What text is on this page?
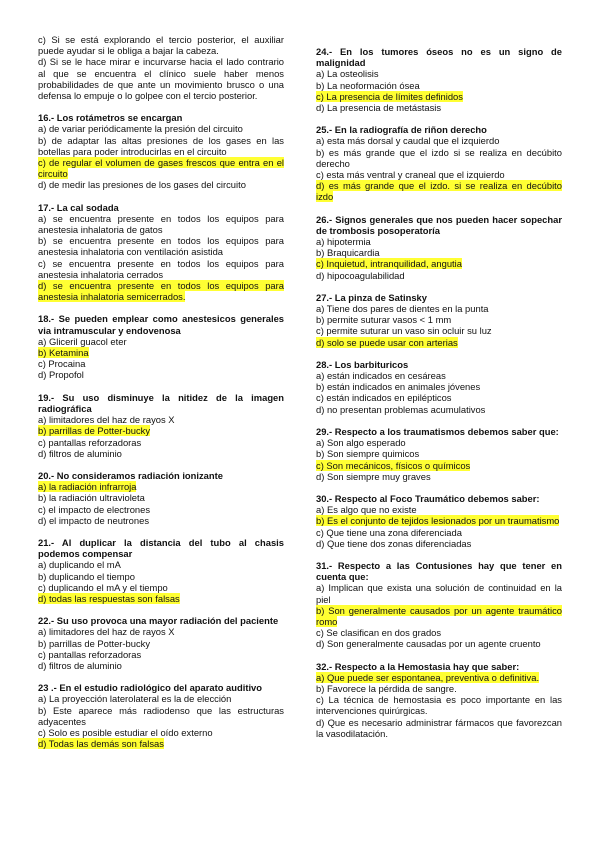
c) Si se está explorando el tercio posterior, el auxiliar puede ayudar si le obliga a bajar la cabeza.
d) Si se le hace mirar e incurvarse hacia el lado contrario al que se encuentra el clínico suele haber menos probabilidades de que ante un movimiento brusco o una defensa lo empuje o lo golpee con el tercio posterior.
16.- Los rotámetros se encargan
a) de variar periódicamente la presión del circuito
b) de adaptar las altas presiones de los gases en las botellas para poder introducirlas en el circuito
c) de regular el volumen de gases frescos que entra en el circuito
d) de medir las presiones de los gases del circuito
17.- La cal sodada
a) se encuentra presente en todos los equipos para anestesia inhalatoria de gatos
b) se encuentra presente en todos los equipos para anestesia inhalatoria con ventilación asistida
c) se encuentra presente en todos los equipos para anestesia inhalatoria cerrados
d) se encuentra presente en todos los equipos para anestesia inhalatoria semicerrados.
18.- Se pueden emplear como anestesicos generales via intramuscular y endovenosa
a) Gliceril guacol eter
b) Ketamina
c) Procaina
d) Propofol
19.- Su uso disminuye la nitidez de la imagen radiográfica
a) limitadores del haz de rayos X
b) parrillas de Potter-bucky
c) pantallas reforzadoras
d) filtros de aluminio
20.- No consideramos radiación ionizante
a) la radiación infrarroja
b) la radiación ultravioleta
c) el impacto de electrones
d) el impacto de neutrones
21.- Al duplicar la distancia del tubo al chasis podemos compensar
a) duplicando el mA
b) duplicando el tiempo
c) duplicando el mA y el tiempo
d) todas las respuestas son falsas
22.- Su uso provoca una mayor radiación del paciente
a) limitadores del haz de rayos X
b) parrillas de Potter-bucky
c) pantallas reforzadoras
d) filtros de aluminio
23 .- En el estudio radiológico del aparato auditivo
a) La proyección laterolateral es la de elección
b) Este aparece más radiodenso que las estructuras adyacentes
c) Solo es posible estudiar el oído externo
d) Todas las demás son falsas
24.- En los tumores óseos no es un signo de malignidad
a) La osteolisis
b) La neoformación ósea
c) La presencia de límites definidos
d) La presencia de metástasis
25.- En la radiografía de riñon derecho
a) esta más dorsal y caudal que el izquierdo
b) es más grande que el izdo si se realiza en decúbito derecho
c) esta más ventral y craneal que el izquierdo
d) es más grande que el izdo. si se realiza en decúbito izdo
26.- Signos generales que nos pueden hacer sopechar de trombosis posoperatoría
a) hipotermia
b) Braquicardia
c) Inquietud, intranquilidad, angutia
d) hipocoagulabilidad
27.- La pinza de Satinsky
a) Tiene dos pares de dientes en la punta
b) permite suturar vasos < 1 mm
c) permite suturar un vaso sin ocluir su luz
d) solo se puede usar con arterias
28.- Los barbituricos
a) están indicados en cesáreas
b) están indicados en animales jóvenes
c) están indicados en epilépticos
d) no presentan problemas acumulativos
29.- Respecto a los traumatismos debemos saber que:
a) Son algo esperado
b) Son siempre quimicos
c) Son mecánicos, físicos o químicos
d) Son siempre muy graves
30.- Respecto al Foco Traumático debemos saber:
a) Es algo que no existe
b) Es el conjunto de tejidos lesionados por un traumatismo
c) Que tiene una zona diferenciada
d) Que tiene dos zonas diferenciadas
31.- Respecto a las Contusiones hay que tener en cuenta que:
a) Implican que exista una solución de continuidad en la piel
b) Son generalmente causados por un agente traumático romo
c) Se clasifican en dos grados
d) Son generalmente causadas por un agente cruento
32.- Respecto a la Hemostasia hay que saber:
a) Que puede ser espontanea, preventiva o definitiva.
b) Favorece la pérdida de sangre.
c) La técnica de hemostasia es poco importante en las intervenciones quirúrgicas.
d) Que es necesario administrar fármacos que favorezcan la vasodilatación.
